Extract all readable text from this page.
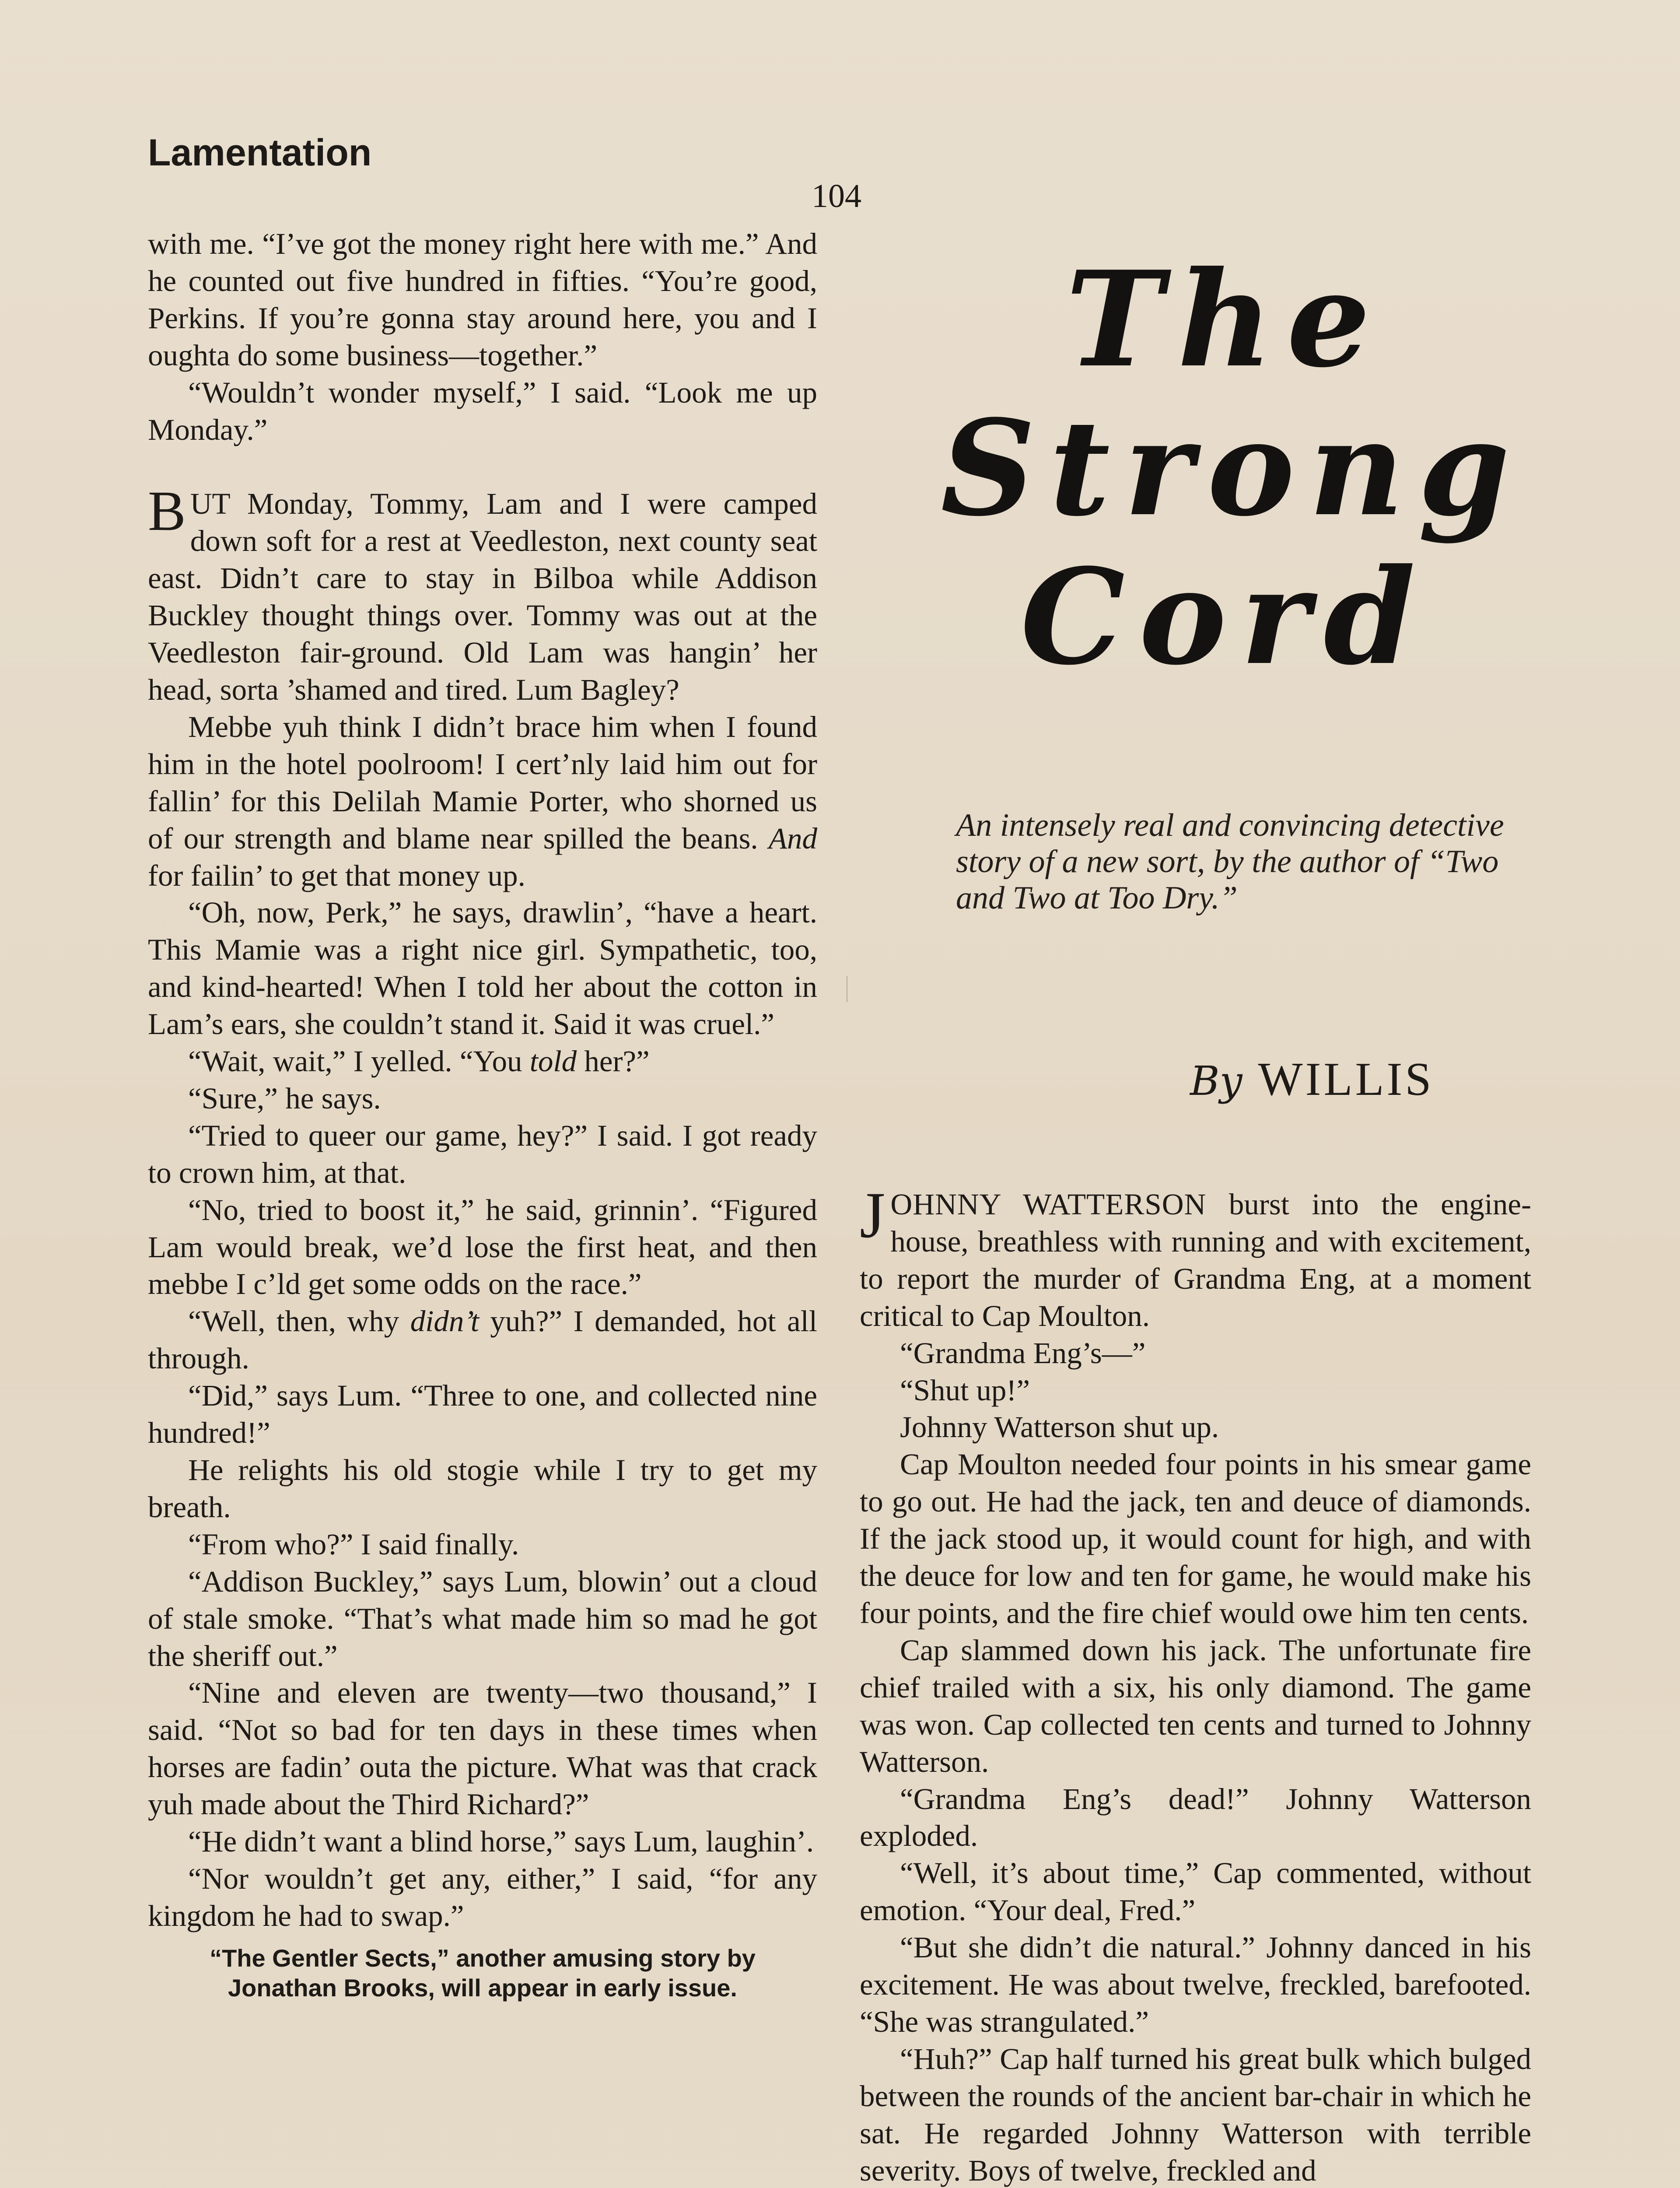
Lamentation
104

with me. “I’ve got the money right here with me.” And he counted out five hundred in fifties. “You’re good, Perkins. If you’re gonna stay around here, you and I oughta do some business—together.”

“Wouldn’t wonder myself,” I said. “Look me up Monday.”

BUT Monday, Tommy, Lam and I were camped down soft for a rest at Veedleston, next county seat east. Didn’t care to stay in Bilboa while Addison Buckley thought things over. Tommy was out at the Veedleston fair-ground. Old Lam was hangin’ her head, sorta ’shamed and tired. Lum Bagley?

Mebbe yuh think I didn’t brace him when I found him in the hotel poolroom! I cert’nly laid him out for fallin’ for this Delilah Mamie Porter, who shorned us of our strength and blame near spilled the beans. And for failin’ to get that money up.

“Oh, now, Perk,” he says, drawlin’, “have a heart. This Mamie was a right nice girl. Sympathetic, too, and kind-hearted! When I told her about the cotton in Lam’s ears, she couldn’t stand it. Said it was cruel.”

“Wait, wait,” I yelled. “You told her?”

“Sure,” he says.

“Tried to queer our game, hey?” I said. I got ready to crown him, at that.

“No, tried to boost it,” he said, grinnin’. “Figured Lam would break, we’d lose the first heat, and then mebbe I c’ld get some odds on the race.”

“Well, then, why didn’t yuh?” I demanded, hot all through.

“Did,” says Lum. “Three to one, and collected nine hundred!”

He relights his old stogie while I try to get my breath.

“From who?” I said finally.

“Addison Buckley,” says Lum, blowin’ out a cloud of stale smoke. “That’s what made him so mad he got the sheriff out.”

“Nine and eleven are twenty—two thousand,” I said. “Not so bad for ten days in these times when horses are fadin’ outa the picture. What was that crack yuh made about the Third Richard?”

“He didn’t want a blind horse,” says Lum, laughin’.

“Nor wouldn’t get any, either,” I said, “for any kingdom he had to swap.”

“The Gentler Sects,” another amusing story by Jonathan Brooks, will appear in early issue.
The
Strong
Cord
An intensely real and convincing detective story of a new sort, by the author of “Two and Two at Too Dry.”
By WILLIS

JOHNNY WATTERSON burst into the engine-house, breathless with running and with excitement, to report the murder of Grandma Eng, at a moment critical to Cap Moulton.

“Grandma Eng’s—”

“Shut up!”

Johnny Watterson shut up.

Cap Moulton needed four points in his smear game to go out. He had the jack, ten and deuce of diamonds. If the jack stood up, it would count for high, and with the deuce for low and ten for game, he would make his four points, and the fire chief would owe him ten cents.

Cap slammed down his jack. The unfortunate fire chief trailed with a six, his only diamond. The game was won. Cap collected ten cents and turned to Johnny Watterson.

“Grandma Eng’s dead!” Johnny Watterson exploded.

“Well, it’s about time,” Cap commented, without emotion. “Your deal, Fred.”

“But she didn’t die natural.” Johnny danced in his excitement. He was about twelve, freckled, barefooted. “She was strangulated.”

“Huh?” Cap half turned his great bulk which bulged between the rounds of the ancient bar-chair in which he sat. He regarded Johnny Watterson with terrible severity. Boys of twelve, freckled and
